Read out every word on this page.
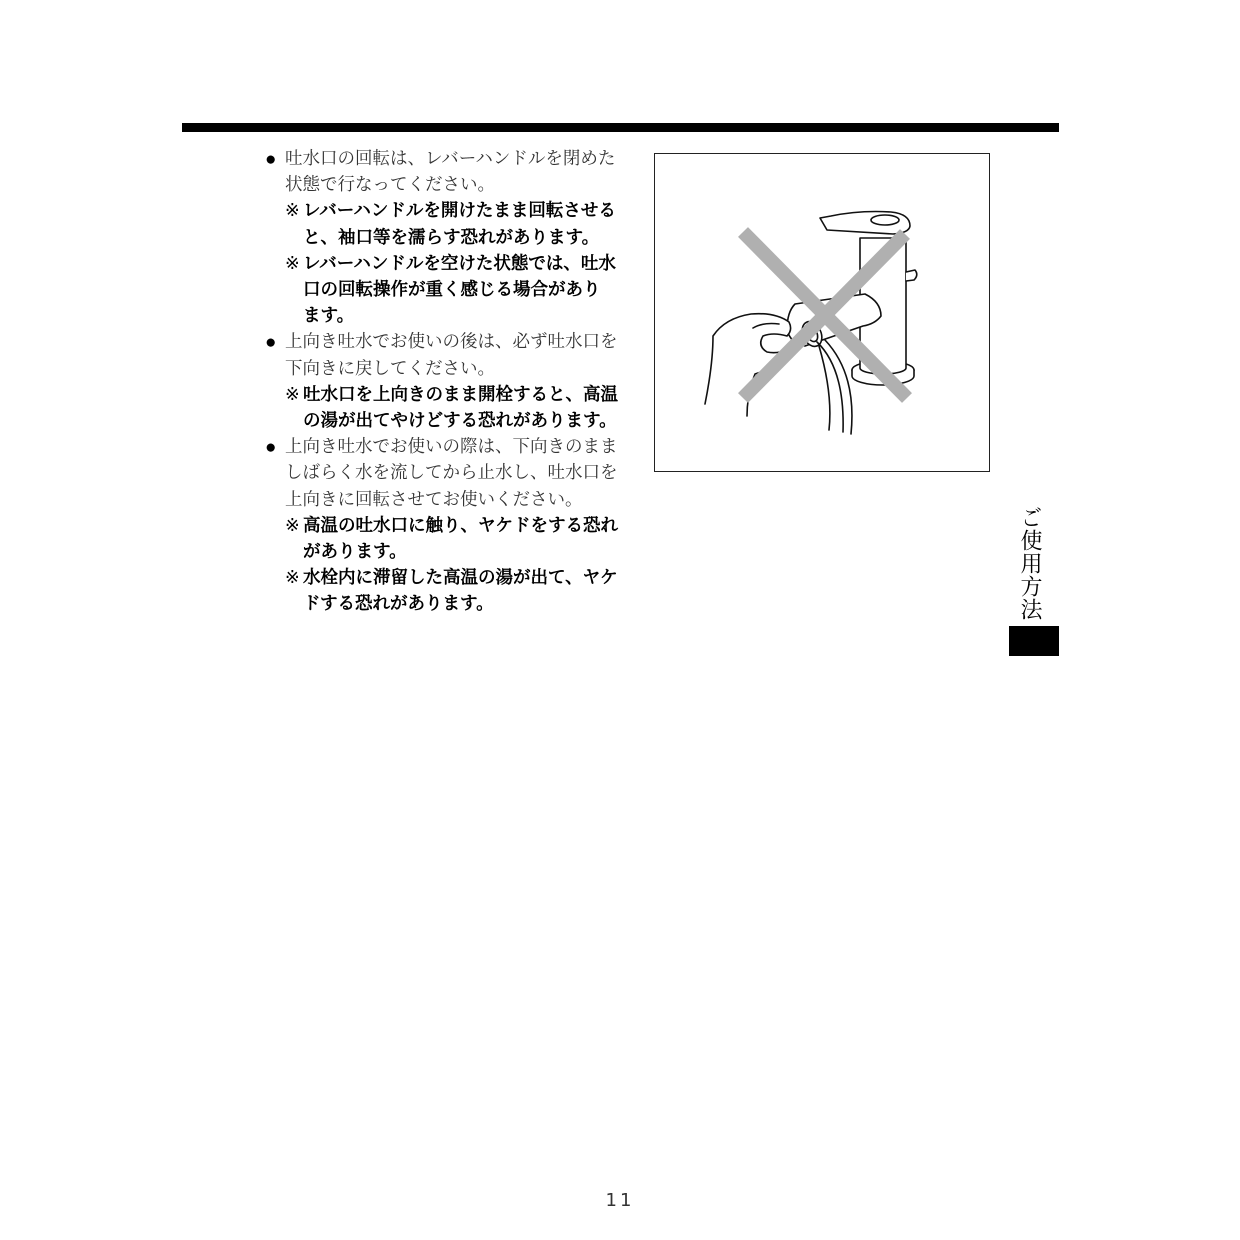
● 吐水口の回転は、レバーハンドルを閉めた
状態で行なってください。
※ レバーハンドルを開けたまま回転させる
と、袖口等を濡らす恐れがあります。
※ レバーハンドルを空けた状態では、吐水
口の回転操作が重く感じる場合があり
ます。
● 上向き吐水でお使いの後は、必ず吐水口を
下向きに戻してください。
※ 吐水口を上向きのまま開栓すると、高温
の湯が出てやけどする恐れがあります。
● 上向き吐水でお使いの際は、下向きのまま
しばらく水を流してから止水し、吐水口を
上向きに回転させてお使いください。
※ 高温の吐水口に触り、ヤケドをする恐れ
があります。
※ 水栓内に滞留した高温の湯が出て、ヤケ
ドする恐れがあります。	ご使用方法
11
